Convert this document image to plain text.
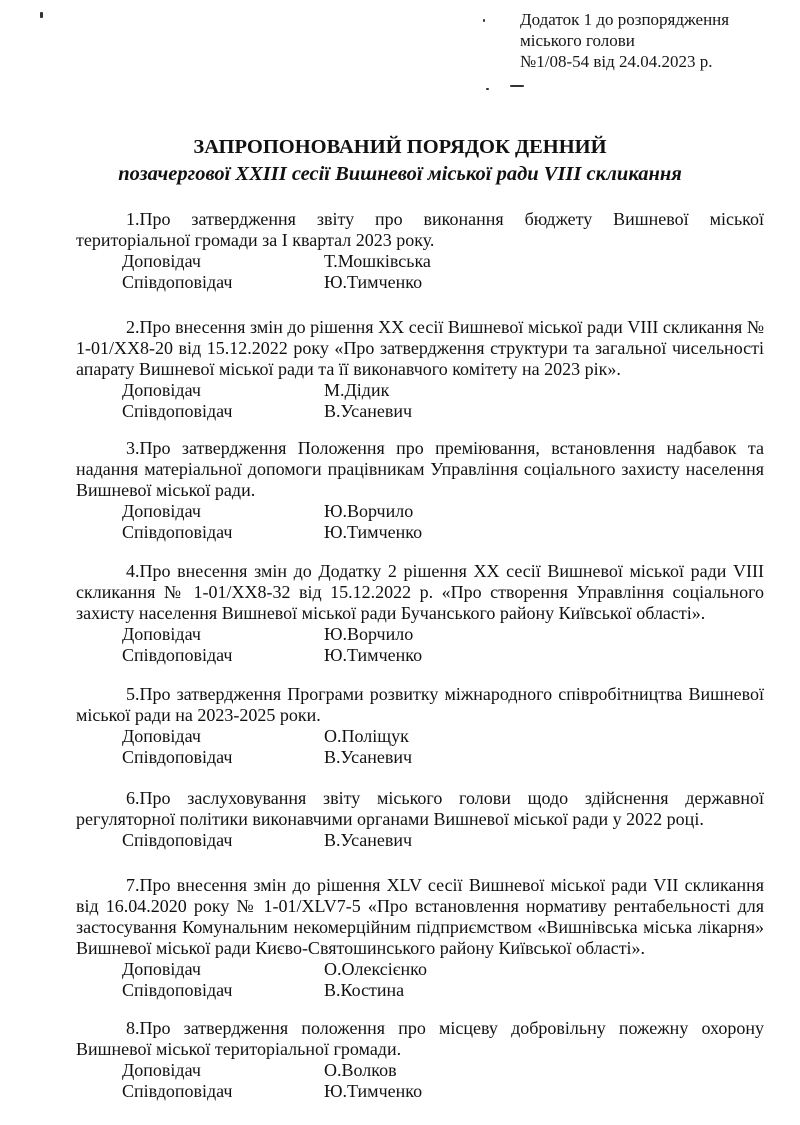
Додаток 1 до розпорядження
міського голови
№1/08-54 від 24.04.2023 р.
ЗАПРОПОНОВАНИЙ ПОРЯДОК ДЕННИЙ
позачергової XXIII сесії Вишневої міської ради VIII скликання

1.Про затвердження звіту про виконання бюджету Вишневої міської територіальної громади за I квартал 2023 року.

Доповідач	Т.Мошківська

Співдоповідач	Ю.Тимченко

2.Про внесення змін до рішення XX сесії Вишневої міської ради VIII скликання № 1-01/XX8-20 від 15.12.2022 року «Про затвердження структури та загальної чисельності апарату Вишневої міської ради та її виконавчого комітету на 2023 рік».

Доповідач	М.Дідик

Співдоповідач	В.Усаневич

3.Про затвердження Положення про преміювання, встановлення надбавок та надання матеріальної допомоги працівникам Управління соціального захисту населення Вишневої міської ради.

Доповідач	Ю.Ворчило

Співдоповідач	Ю.Тимченко

4.Про внесення змін до Додатку 2 рішення XX сесії Вишневої міської ради VIII скликання № 1-01/XX8-32 від 15.12.2022 р. «Про створення Управління соціального захисту населення Вишневої міської ради Бучанського району Київської області».

Доповідач	Ю.Ворчило

Співдоповідач	Ю.Тимченко

5.Про затвердження Програми розвитку міжнародного співробітництва Вишневої міської ради на 2023-2025 роки.

Доповідач	О.Поліщук

Співдоповідач	В.Усаневич

6.Про заслуховування звіту міського голови щодо здійснення державної регуляторної політики виконавчими органами Вишневої міської ради у 2022 році.

Співдоповідач	В.Усаневич

7.Про внесення змін до рішення XLV сесії Вишневої міської ради VII скликання від 16.04.2020 року № 1-01/XLV7-5 «Про встановлення нормативу рентабельності для застосування Комунальним некомерційним підприємством «Вишнівська міська лікарня» Вишневої міської ради Києво-Святошинського району Київської області».

Доповідач	О.Олексієнко

Співдоповідач	В.Костина

8.Про затвердження положення про місцеву добровільну пожежну охорону Вишневої міської територіальної громади.

Доповідач	О.Волков

Співдоповідач	Ю.Тимченко
